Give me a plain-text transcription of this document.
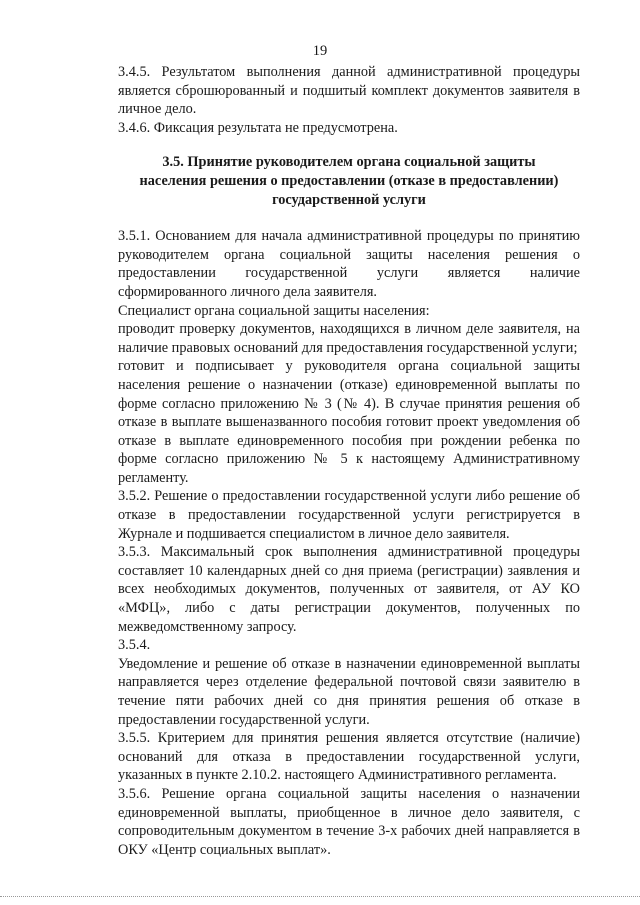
19

3.4.5. Результатом выполнения данной административной процедуры является сброшюрованный и подшитый комплект документов заявителя в личное дело.

3.4.6. Фиксация результата не предусмотрена.

3.5. Принятие руководителем органа социальной защиты
населения решения о предоставлении (отказе в предоставлении)
государственной услуги

3.5.1. Основанием для начала административной процедуры по принятию руководителем органа социальной защиты населения решения о предоставлении государственной услуги является наличие сформированного личного дела заявителя.

Специалист органа социальной защиты населения:

проводит проверку документов, находящихся в личном деле заявителя, на наличие правовых оснований для предоставления государственной услуги;

готовит и подписывает у руководителя органа социальной защиты населения решение о назначении (отказе) единовременной выплаты по форме согласно приложению № 3 (№ 4). В случае принятия решения об отказе в выплате вышеназванного пособия готовит проект уведомления об отказе в выплате единовременного пособия при рождении ребенка по форме согласно приложению № 5 к настоящему Административному регламенту.

3.5.2. Решение о предоставлении государственной услуги либо решение об отказе в предоставлении государственной услуги регистрируется в Журнале и подшивается специалистом в личное дело заявителя.

3.5.3. Максимальный срок выполнения административной процедуры составляет 10 календарных дней со дня приема (регистрации) заявления и всех необходимых документов, полученных от заявителя, от АУ КО «МФЦ», либо с даты регистрации документов, полученных по межведомственному запросу.

3.5.4.

Уведомление и решение об отказе в назначении единовременной выплаты направляется через отделение федеральной почтовой связи заявителю в течение пяти рабочих дней со дня принятия решения об отказе в предоставлении государственной услуги.

3.5.5. Критерием для принятия решения является отсутствие (наличие) оснований для отказа в предоставлении государственной услуги, указанных в пункте 2.10.2. настоящего Административного регламента.

3.5.6. Решение органа социальной защиты населения о назначении единовременной выплаты, приобщенное в личное дело заявителя, с сопроводительным документом в течение 3-х рабочих дней направляется в ОКУ «Центр социальных выплат».
